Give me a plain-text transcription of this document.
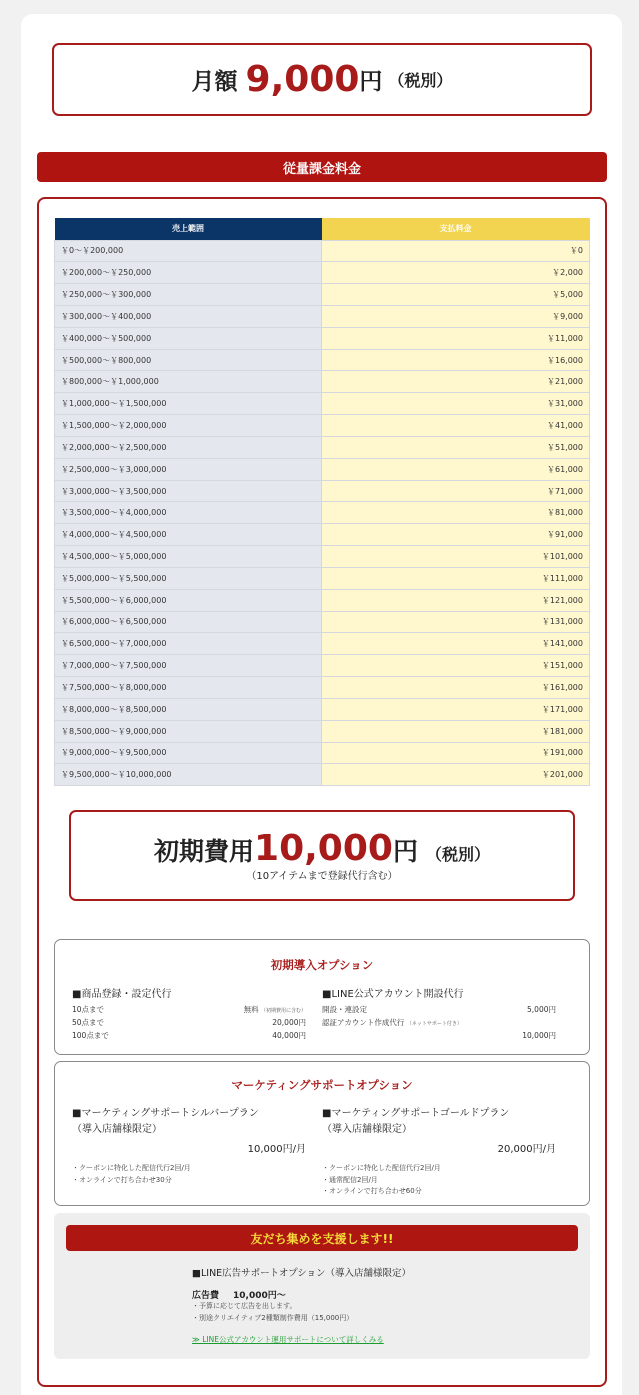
月額 9,000 円 （税別）
従量課金料金
売上範囲	支払料金
￥0～￥200,000	￥0
￥200,000～￥250,000	￥2,000
￥250,000～￥300,000	￥5,000
￥300,000～￥400,000	￥9,000
￥400,000～￥500,000	￥11,000
￥500,000～￥800,000	￥16,000
￥800,000～￥1,000,000	￥21,000
￥1,000,000～￥1,500,000	￥31,000
￥1,500,000～￥2,000,000	￥41,000
￥2,000,000～￥2,500,000	￥51,000
￥2,500,000～￥3,000,000	￥61,000
￥3,000,000～￥3,500,000	￥71,000
￥3,500,000～￥4,000,000	￥81,000
￥4,000,000～￥4,500,000	￥91,000
￥4,500,000～￥5,000,000	￥101,000
￥5,000,000～￥5,500,000	￥111,000
￥5,500,000～￥6,000,000	￥121,000
￥6,000,000～￥6,500,000	￥131,000
￥6,500,000～￥7,000,000	￥141,000
￥7,000,000～￥7,500,000	￥151,000
￥7,500,000～￥8,000,000	￥161,000
￥8,000,000～￥8,500,000	￥171,000
￥8,500,000～￥9,000,000	￥181,000
￥9,000,000～￥9,500,000	￥191,000
￥9,500,000～￥10,000,000	￥201,000
初期費用 10,000 円 （税別）
（10アイテムまで登録代行含む）
初期導入オプション
■商品登録・設定代行
10点まで	無料 （初期費用に含む）
50点まで	20,000円
100点まで	40,000円
■LINE公式アカウント開設代行
開設・連設定	5,000円
認証アカウント作成代行 （ネットサポート付き）
10,000円
マーケティングサポートオプション
■マーケティングサポートシルバープラン
（導入店舗様限定）
10,000円/月
・クーポンに特化した配信代行2回/月
・オンラインで打ち合わせ30分
■マーケティングサポートゴールドプラン
（導入店舗様限定）
20,000円/月
・クーポンに特化した配信代行2回/月
・通常配信2回/月
・オンラインで打ち合わせ60分
友だち集めを支援します!!
■LINE広告サポートオプション（導入店舗様限定）
広告費 10,000円～
・予算に応じて広告を出します。
・別途クリエイティブ2種類制作費用（15,000円）
≫ LINE公式アカウント運用サポートについて詳しくみる
